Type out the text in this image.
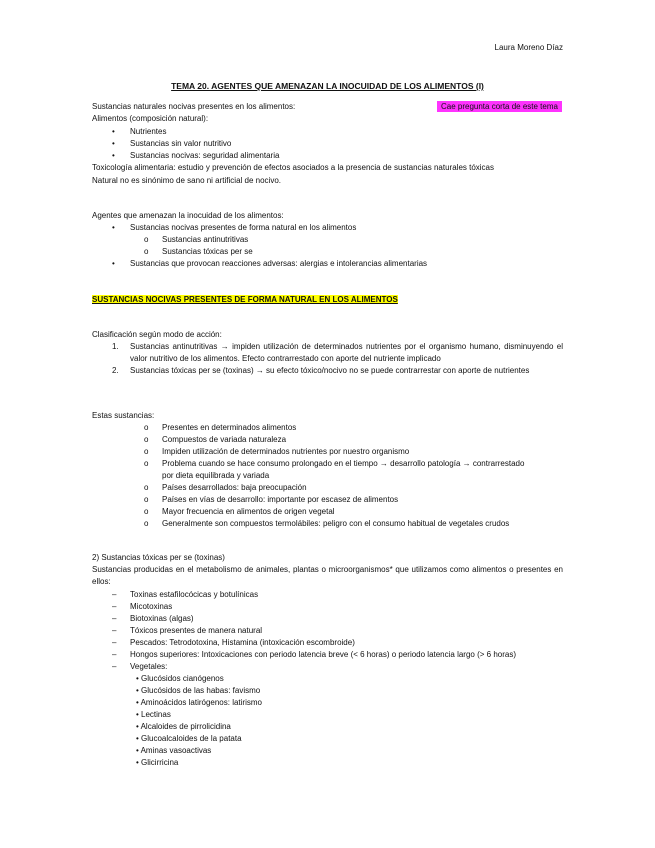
Laura Moreno Díaz
TEMA 20. AGENTES QUE AMENAZAN LA INOCUIDAD DE LOS ALIMENTOS (I)
Sustancias naturales nocivas presentes en los alimentos:	Cae pregunta corta de este tema
Alimentos (composición natural):
• Nutrientes
• Sustancias sin valor nutritivo
• Sustancias nocivas: seguridad alimentaria
Toxicología alimentaria: estudio y prevención de efectos asociados a la presencia de sustancias naturales tóxicas
Natural no es sinónimo de sano ni artificial de nocivo.
Agentes que amenazan la inocuidad de los alimentos:
• Sustancias nocivas presentes de forma natural en los alimentos
o Sustancias antinutritivas
o Sustancias tóxicas per se
• Sustancias que provocan reacciones adversas: alergias e intolerancias alimentarias
SUSTANCIAS NOCIVAS PRESENTES DE FORMA NATURAL EN LOS ALIMENTOS
Clasificación según modo de acción:
1. Sustancias antinutritivas → impiden utilización de determinados nutrientes por el organismo humano, disminuyendo el valor nutritivo de los alimentos. Efecto contrarrestado con aporte del nutriente implicado
2. Sustancias tóxicas per se (toxinas) → su efecto tóxico/nocivo no se puede contrarrestar con aporte de nutrientes
Estas sustancias:
o Presentes en determinados alimentos
o Compuestos de variada naturaleza
o Impiden utilización de determinados nutrientes por nuestro organismo
o Problema cuando se hace consumo prolongado en el tiempo → desarrollo patología → contrarrestado
por dieta equilibrada y variada
o Países desarrollados: baja preocupación
o Países en vías de desarrollo: importante por escasez de alimentos
o Mayor frecuencia en alimentos de origen vegetal
o Generalmente son compuestos termolábiles: peligro con el consumo habitual de vegetales crudos
2) Sustancias tóxicas per se (toxinas)
Sustancias producidas en el metabolismo de animales, plantas o microorganismos* que utilizamos como alimentos o presentes en ellos:
– Toxinas estafilocócicas y botulínicas
– Micotoxinas
– Biotoxinas (algas)
– Tóxicos presentes de manera natural
– Pescados: Tetrodotoxina, Histamina (intoxicación escombroide)
– Hongos superiores: Intoxicaciones con periodo latencia breve (< 6 horas) o periodo latencia largo (> 6 horas)
– Vegetales:
• Glucósidos cianógenos
• Glucósidos de las habas: favismo
• Aminoácidos latirógenos: latirismo
• Lectinas
• Alcaloides de pirrolicidina
• Glucoalcaloides de la patata
• Aminas vasoactivas
• Glicirricina
